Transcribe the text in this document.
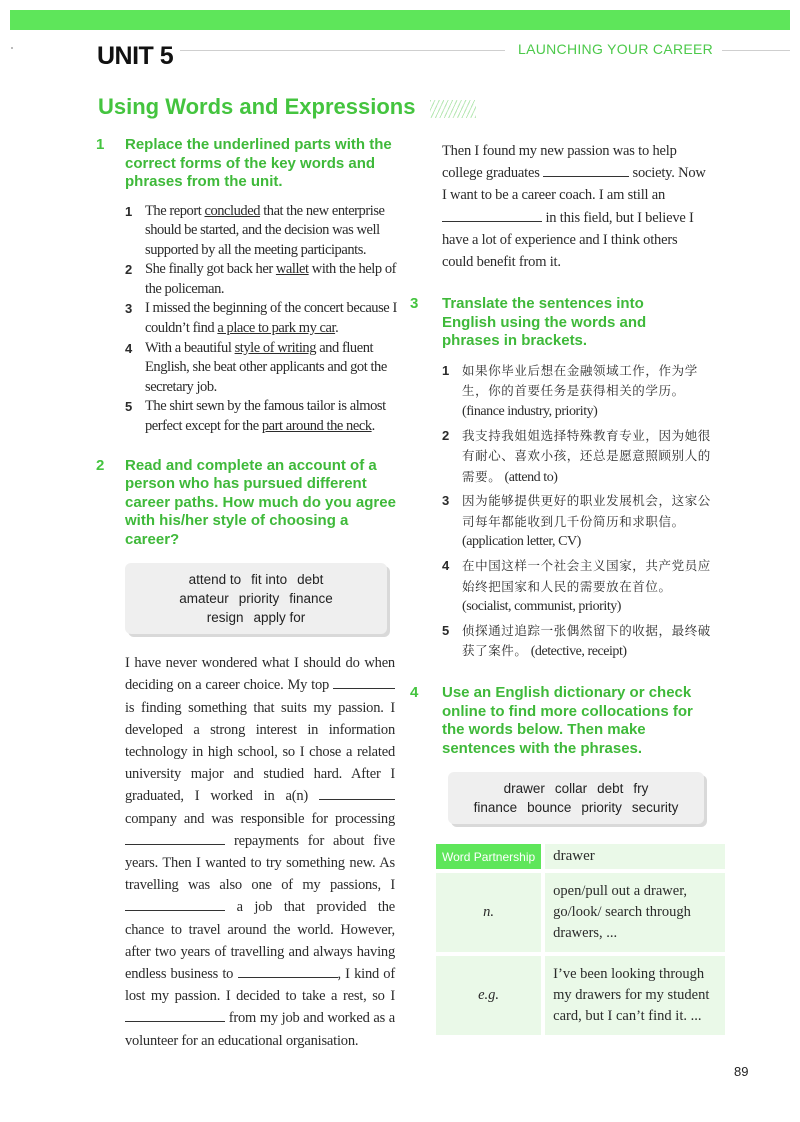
UNIT 5	LAUNCHING YOUR CAREER
Using Words and Expressions
1	Replace the underlined parts with the correct forms of the key words and phrases from the unit.
1 The report concluded that the new enterprise should be started, and the decision was well supported by all the meeting participants.
2 She finally got back her wallet with the help of the policeman.
3 I missed the beginning of the concert because I couldn’t find a place to park my car.
4 With a beautiful style of writing and fluent English, she beat other applicants and got the secretary job.
5 The shirt sewn by the famous tailor is almost perfect except for the part around the neck.
2	Read and complete an account of a person who has pursued different career paths. How much do you agree with his/her style of choosing a career?
attend to fit into debt
amateur priority finance
resign apply for
I have never wondered what I should do when deciding on a career choice. My top  is finding something that suits my passion. I developed a strong interest in information technology in high school, so I chose a related university major and studied hard. After I graduated, I worked in a(n)  company and was responsible for processing  repayments for about five years. Then I wanted to try something new. As travelling was also one of my passions, I  a job that provided the chance to travel around the world. However, after two years of travelling and always having endless business to	, I kind of lost my passion. I decided to take a rest, so I  from my job and worked as a volunteer for an educational organisation.
Then I found my new passion was to help college graduates	society. Now I want to be a career coach. I am still an  in this field, but I believe I have a lot of experience and I think others could benefit from it.
3	Translate the sentences into English using the words and phrases in brackets.
1	如果你毕业后想在金融领域工作，作为学生，你的首要任务是获得相关的学历。 (finance industry, priority)
2	我支持我姐姐选择特殊教育专业，因为她很有耐心、喜欢小孩，还总是愿意照顾别人的需要。 (attend to)
3	因为能够提供更好的职业发展机会，这家公司每年都能收到几千份简历和求职信。 (application letter, CV)
4	在中国这样一个社会主义国家，共产党员应始终把国家和人民的需要放在首位。 (socialist, communist, priority)
5	侦探通过追踪一张偶然留下的收据，最终破获了案件。 (detective, receipt)
4	Use an English dictionary or check online to find more collocations for the words below. Then make sentences with the phrases.
drawer collar debt fry
finance bounce priority security
Word Partnership	drawer
n.	open/pull out a drawer, go/look/ search through drawers, ...
e.g.	I’ve been looking through my drawers for my student card, but I can’t find it. ...
89
